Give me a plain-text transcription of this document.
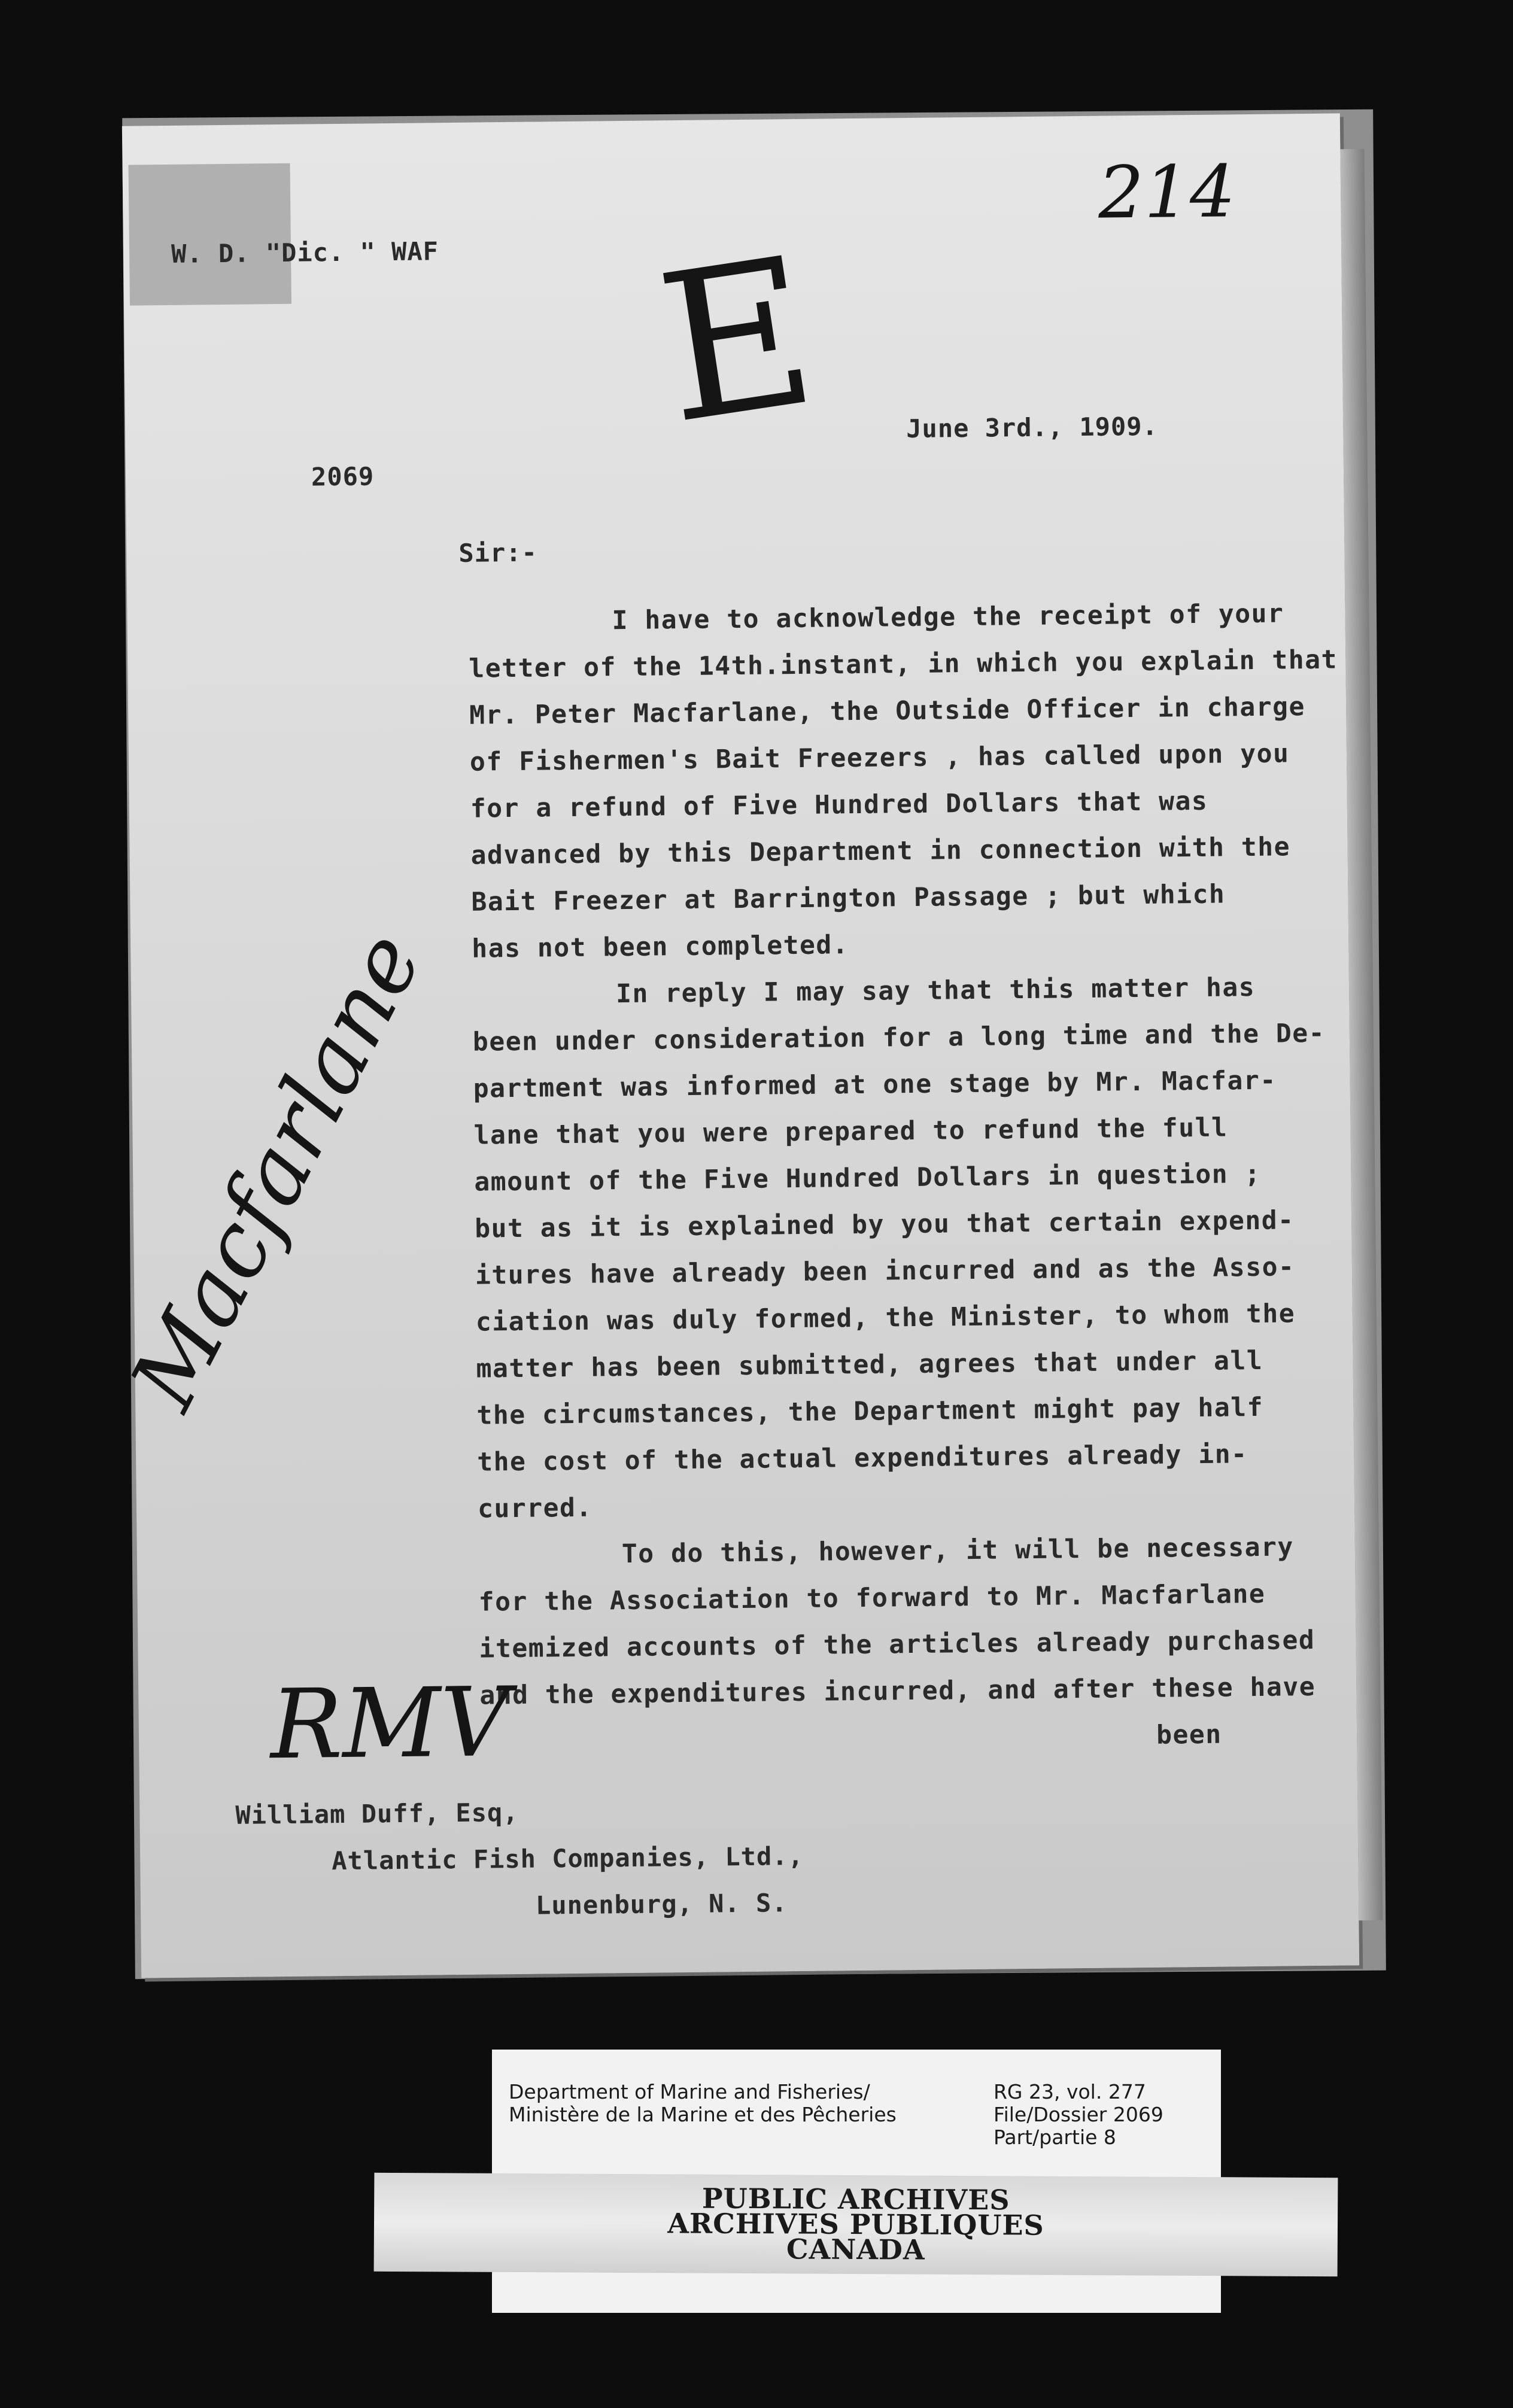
W. D. "Dic. " WAF
214
E
2069
June 3rd., 1909.
Sir:-
I have to acknowledge the receipt of your
letter of the 14th.instant, in which you explain that
Mr. Peter Macfarlane, the Outside Officer in charge
of Fishermen's Bait Freezers , has called upon you
for a refund of Five Hundred Dollars that was
advanced by this Department in connection with the
Bait Freezer at Barrington Passage ; but which
has not been completed.
In reply I may say that this matter has
been under consideration for a long time and the De-
partment was informed at one stage by Mr. Macfar-
lane that you were prepared to refund the full
amount of the Five Hundred Dollars in question ;
but as it is explained by you that certain expend-
itures have already been incurred and as the Asso-
ciation was duly formed, the Minister, to whom the
matter has been submitted, agrees that under all
the circumstances, the Department might pay half
the cost of the actual expenditures already in-
curred.
To do this, however, it will be necessary
for the Association to forward to Mr. Macfarlane
itemized accounts of the articles already purchased
and the expenditures incurred, and after these have
been
Macfarlane
RMV
William Duff, Esq,
Atlantic Fish Companies, Ltd.,
Lunenburg, N. S.
Department of Marine and Fisheries/
Ministère de la Marine et des Pêcheries
RG 23, vol. 277
File/Dossier 2069
Part/partie 8
PUBLIC ARCHIVES
ARCHIVES PUBLIQUES
CANADA
